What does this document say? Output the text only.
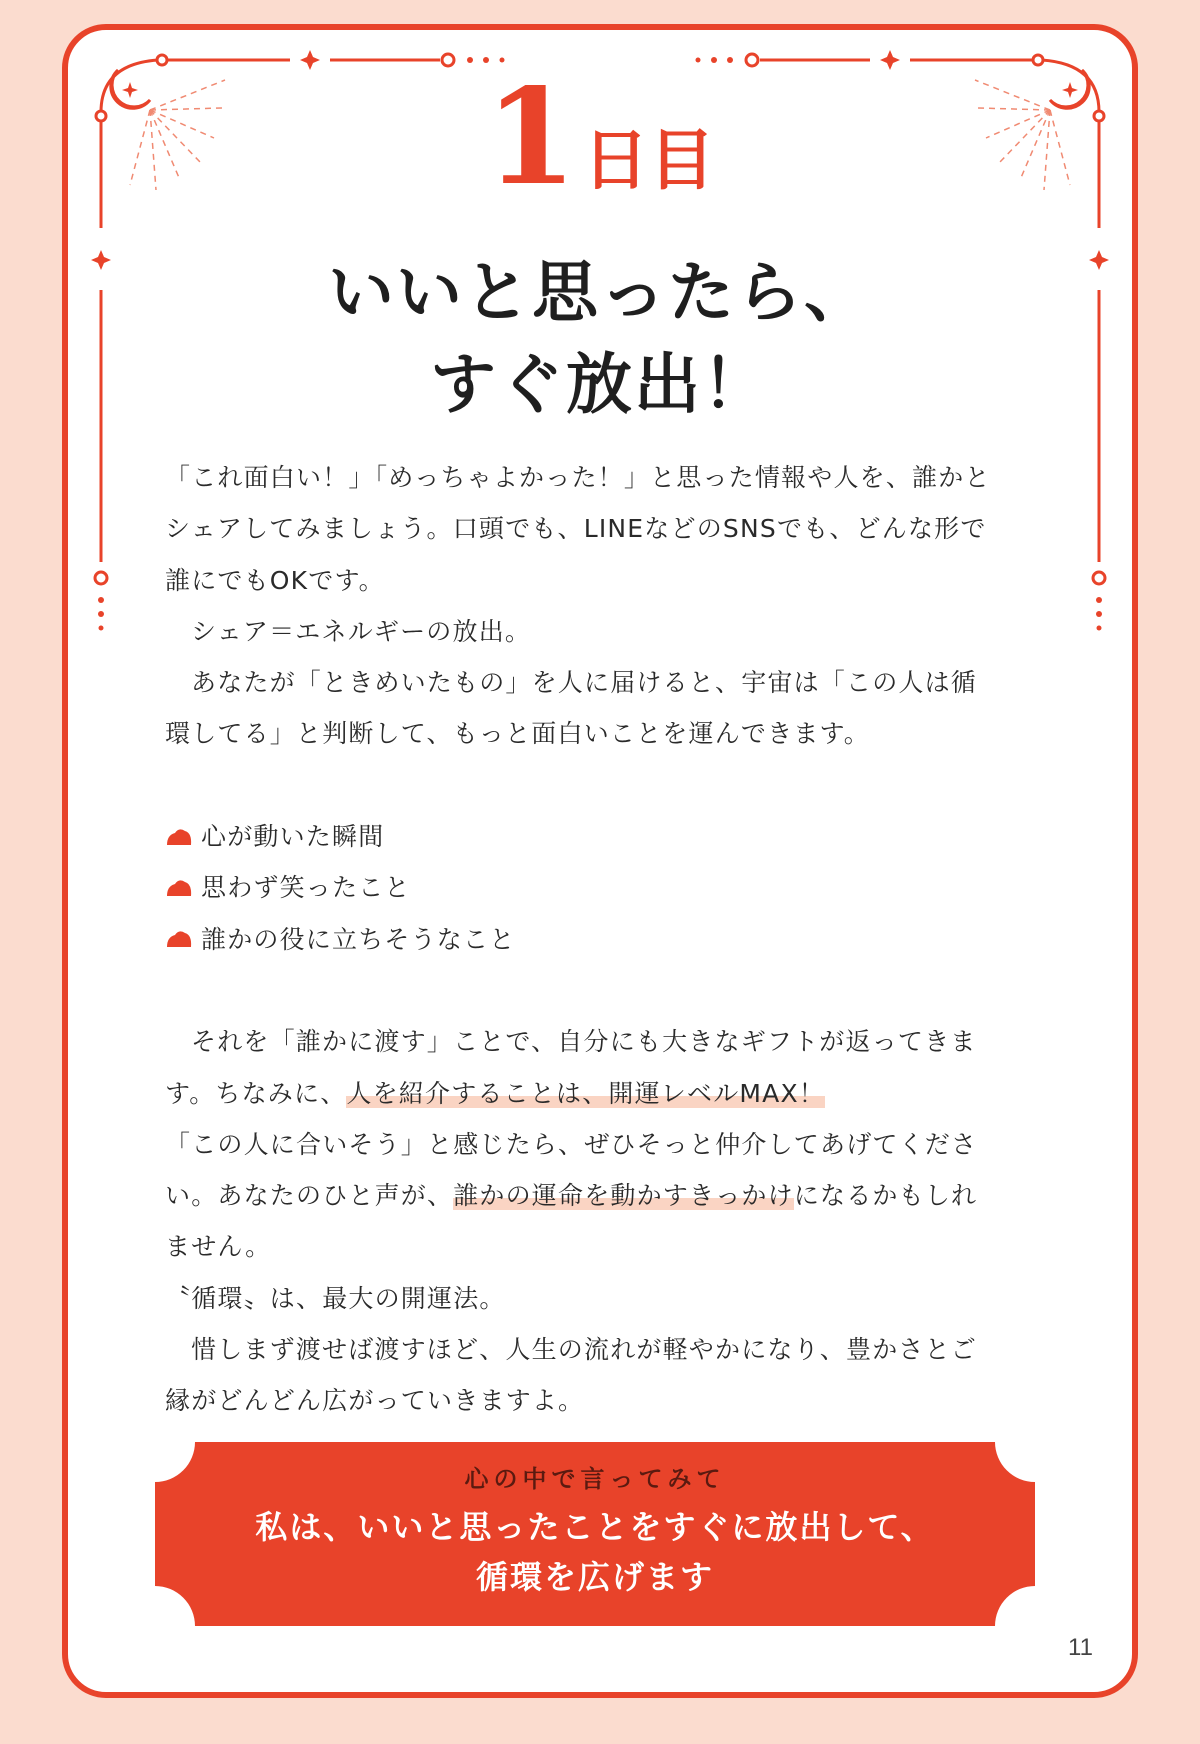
1日目
いいと思ったら、
すぐ放出！

「これ面白い！」「めっちゃよかった！」と思った情報や人を、誰かと

シェアしてみましょう。口頭でも、LINEなどのSNSでも、どんな形で

誰にでもOKです。

シェア＝エネルギーの放出。

あなたが「ときめいたもの」を人に届けると、宇宙は「この人は循

環してる」と判断して、もっと面白いことを運んできます。

心が動いた瞬間

思わず笑ったこと

誰かの役に立ちそうなこと

それを「誰かに渡す」ことで、自分にも大きなギフトが返ってきま

す。ちなみに、人を紹介することは、開運レベルMAX！

「この人に合いそう」と感じたら、ぜひそっと仲介してあげてくださ

い。あなたのひと声が、誰かの運命を動かすきっかけになるかもしれ

ません。

〝循環〟は、最大の開運法。

惜しまず渡せば渡すほど、人生の流れが軽やかになり、豊かさとご

縁がどんどん広がっていきますよ。

心の中で言ってみて
私は、いいと思ったことをすぐに放出して、
循環を広げます
11
